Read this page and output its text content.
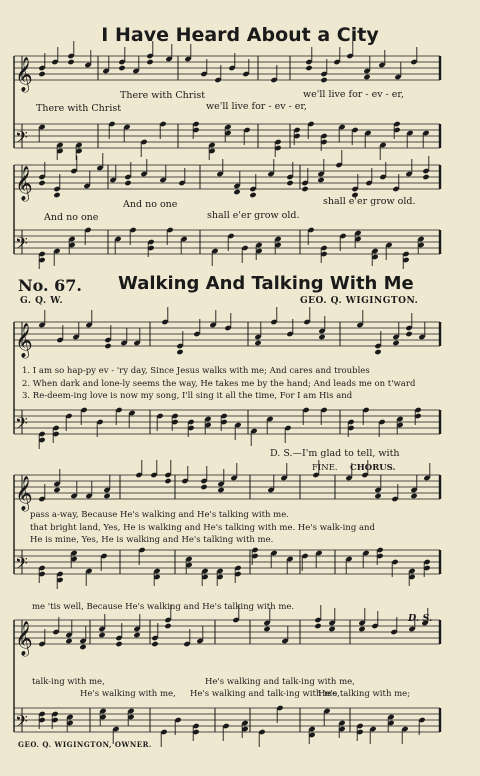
𝄞
𝄢
𝄞
𝄢
𝄞
𝄢
𝄞
𝄢
𝄞
𝄢
I Have Heard About a City
There with Christ	we'll live for - ev - er,
There with Christ	we'll live for - ev - er,
And no one	shall e'er grow old.
And no one	shall e'er grow old.
No. 67. Walking And Talking With Me
G. Q. W.	GEO. Q. WIGINGTON.
1. I am so hap-py ev - 'ry day, Since Jesus walks with me; And cares and troubles
2. When dark and lone-ly seems the way, He takes me by the hand; And leads me on t'ward
3. Re-deem-ing love is now my song, I'll sing it all the time, For I am His and
D. S.—I'm glad to tell, with
FINE. CHORUS.
pass a-way, Because He's walking and He's talking with me.
that bright land, Yes, He is walking and He's talking with me. He's walk-ing and
He is mine, Yes, He is walking and He's talking with me.
me 'tis well, Because He's walking and He's talking with me.
D. S.
talk-ing with me,	He's walking and talk-ing with me,
He's walking with me, He's walking and talk-ing with me,
He's talking with me;
GEO. Q. WIGINGTON, OWNER.
